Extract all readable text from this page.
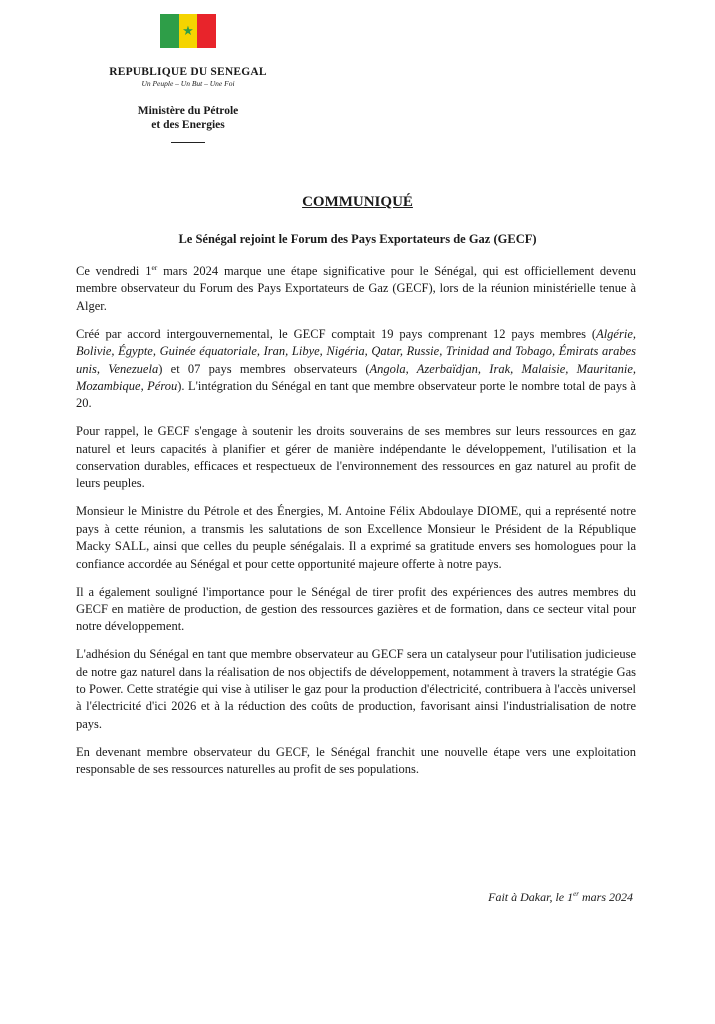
★
REPUBLIQUE DU SENEGAL
Un Peuple – Un But – Une Foi
Ministère du Pétrole
et des Energies
COMMUNIQUÉ
Le Sénégal rejoint le Forum des Pays Exportateurs de Gaz (GECF)

Ce vendredi 1er mars 2024 marque une étape significative pour le Sénégal, qui est officiellement devenu membre observateur du Forum des Pays Exportateurs de Gaz (GECF), lors de la réunion ministérielle tenue à Alger.

Créé par accord intergouvernemental, le GECF comptait 19 pays comprenant 12 pays membres (Algérie, Bolivie, Égypte, Guinée équatoriale, Iran, Libye, Nigéria, Qatar, Russie, Trinidad and Tobago, Émirats arabes unis, Venezuela) et 07 pays membres observateurs (Angola, Azerbaïdjan, Irak, Malaisie, Mauritanie, Mozambique, Pérou). L'intégration du Sénégal en tant que membre observateur porte le nombre total de pays à 20.

Pour rappel, le GECF s'engage à soutenir les droits souverains de ses membres sur leurs ressources en gaz naturel et leurs capacités à planifier et gérer de manière indépendante le développement, l'utilisation et la conservation durables, efficaces et respectueux de l'environnement des ressources en gaz naturel au profit de leurs peuples.

Monsieur le Ministre du Pétrole et des Énergies, M. Antoine Félix Abdoulaye DIOME, qui a représenté notre pays à cette réunion, a transmis les salutations de son Excellence Monsieur le Président de la République Macky SALL, ainsi que celles du peuple sénégalais. Il a exprimé sa gratitude envers ses homologues pour la confiance accordée au Sénégal et pour cette opportunité majeure offerte à notre pays.

Il a également souligné l'importance pour le Sénégal de tirer profit des expériences des autres membres du GECF en matière de production, de gestion des ressources gazières et de formation, dans ce secteur vital pour notre développement.

L'adhésion du Sénégal en tant que membre observateur au GECF sera un catalyseur pour l'utilisation judicieuse de notre gaz naturel dans la réalisation de nos objectifs de développement, notamment à travers la stratégie Gas to Power. Cette stratégie qui vise à utiliser le gaz pour la production d'électricité, contribuera à l'accès universel à l'électricité d'ici 2026 et à la réduction des coûts de production, favorisant ainsi l'industrialisation de notre pays.

En devenant membre observateur du GECF, le Sénégal franchit une nouvelle étape vers une exploitation responsable de ses ressources naturelles au profit de ses populations.

Fait à Dakar, le 1er mars 2024
